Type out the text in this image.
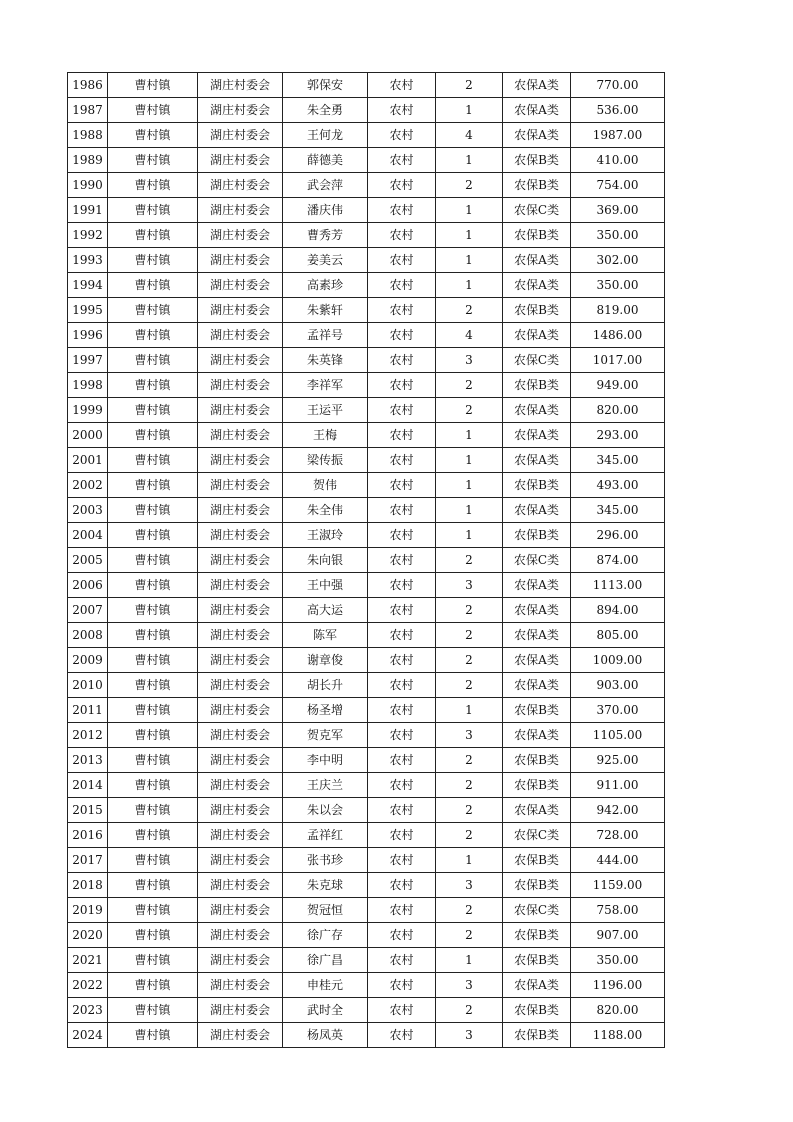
1986	曹村镇	湖庄村委会	郭保安	农村	2	农保A类	770.00
1987	曹村镇	湖庄村委会	朱全勇	农村	1	农保A类	536.00
1988	曹村镇	湖庄村委会	王何龙	农村	4	农保A类	1987.00
1989	曹村镇	湖庄村委会	薛德美	农村	1	农保B类	410.00
1990	曹村镇	湖庄村委会	武会萍	农村	2	农保B类	754.00
1991	曹村镇	湖庄村委会	潘庆伟	农村	1	农保C类	369.00
1992	曹村镇	湖庄村委会	曹秀芳	农村	1	农保B类	350.00
1993	曹村镇	湖庄村委会	姜美云	农村	1	农保A类	302.00
1994	曹村镇	湖庄村委会	高素珍	农村	1	农保A类	350.00
1995	曹村镇	湖庄村委会	朱紫轩	农村	2	农保B类	819.00
1996	曹村镇	湖庄村委会	孟祥号	农村	4	农保A类	1486.00
1997	曹村镇	湖庄村委会	朱英锋	农村	3	农保C类	1017.00
1998	曹村镇	湖庄村委会	李祥军	农村	2	农保B类	949.00
1999	曹村镇	湖庄村委会	王运平	农村	2	农保A类	820.00
2000	曹村镇	湖庄村委会	王梅	农村	1	农保A类	293.00
2001	曹村镇	湖庄村委会	梁传振	农村	1	农保A类	345.00
2002	曹村镇	湖庄村委会	贺伟	农村	1	农保B类	493.00
2003	曹村镇	湖庄村委会	朱全伟	农村	1	农保A类	345.00
2004	曹村镇	湖庄村委会	王淑玲	农村	1	农保B类	296.00
2005	曹村镇	湖庄村委会	朱向银	农村	2	农保C类	874.00
2006	曹村镇	湖庄村委会	王中强	农村	3	农保A类	1113.00
2007	曹村镇	湖庄村委会	高大运	农村	2	农保A类	894.00
2008	曹村镇	湖庄村委会	陈军	农村	2	农保A类	805.00
2009	曹村镇	湖庄村委会	谢章俊	农村	2	农保A类	1009.00
2010	曹村镇	湖庄村委会	胡长升	农村	2	农保A类	903.00
2011	曹村镇	湖庄村委会	杨圣增	农村	1	农保B类	370.00
2012	曹村镇	湖庄村委会	贺克军	农村	3	农保A类	1105.00
2013	曹村镇	湖庄村委会	李中明	农村	2	农保B类	925.00
2014	曹村镇	湖庄村委会	王庆兰	农村	2	农保B类	911.00
2015	曹村镇	湖庄村委会	朱以会	农村	2	农保A类	942.00
2016	曹村镇	湖庄村委会	孟祥红	农村	2	农保C类	728.00
2017	曹村镇	湖庄村委会	张书珍	农村	1	农保B类	444.00
2018	曹村镇	湖庄村委会	朱克球	农村	3	农保B类	1159.00
2019	曹村镇	湖庄村委会	贺冠恒	农村	2	农保C类	758.00
2020	曹村镇	湖庄村委会	徐广存	农村	2	农保B类	907.00
2021	曹村镇	湖庄村委会	徐广昌	农村	1	农保B类	350.00
2022	曹村镇	湖庄村委会	申桂元	农村	3	农保A类	1196.00
2023	曹村镇	湖庄村委会	武时全	农村	2	农保B类	820.00
2024	曹村镇	湖庄村委会	杨凤英	农村	3	农保B类	1188.00
